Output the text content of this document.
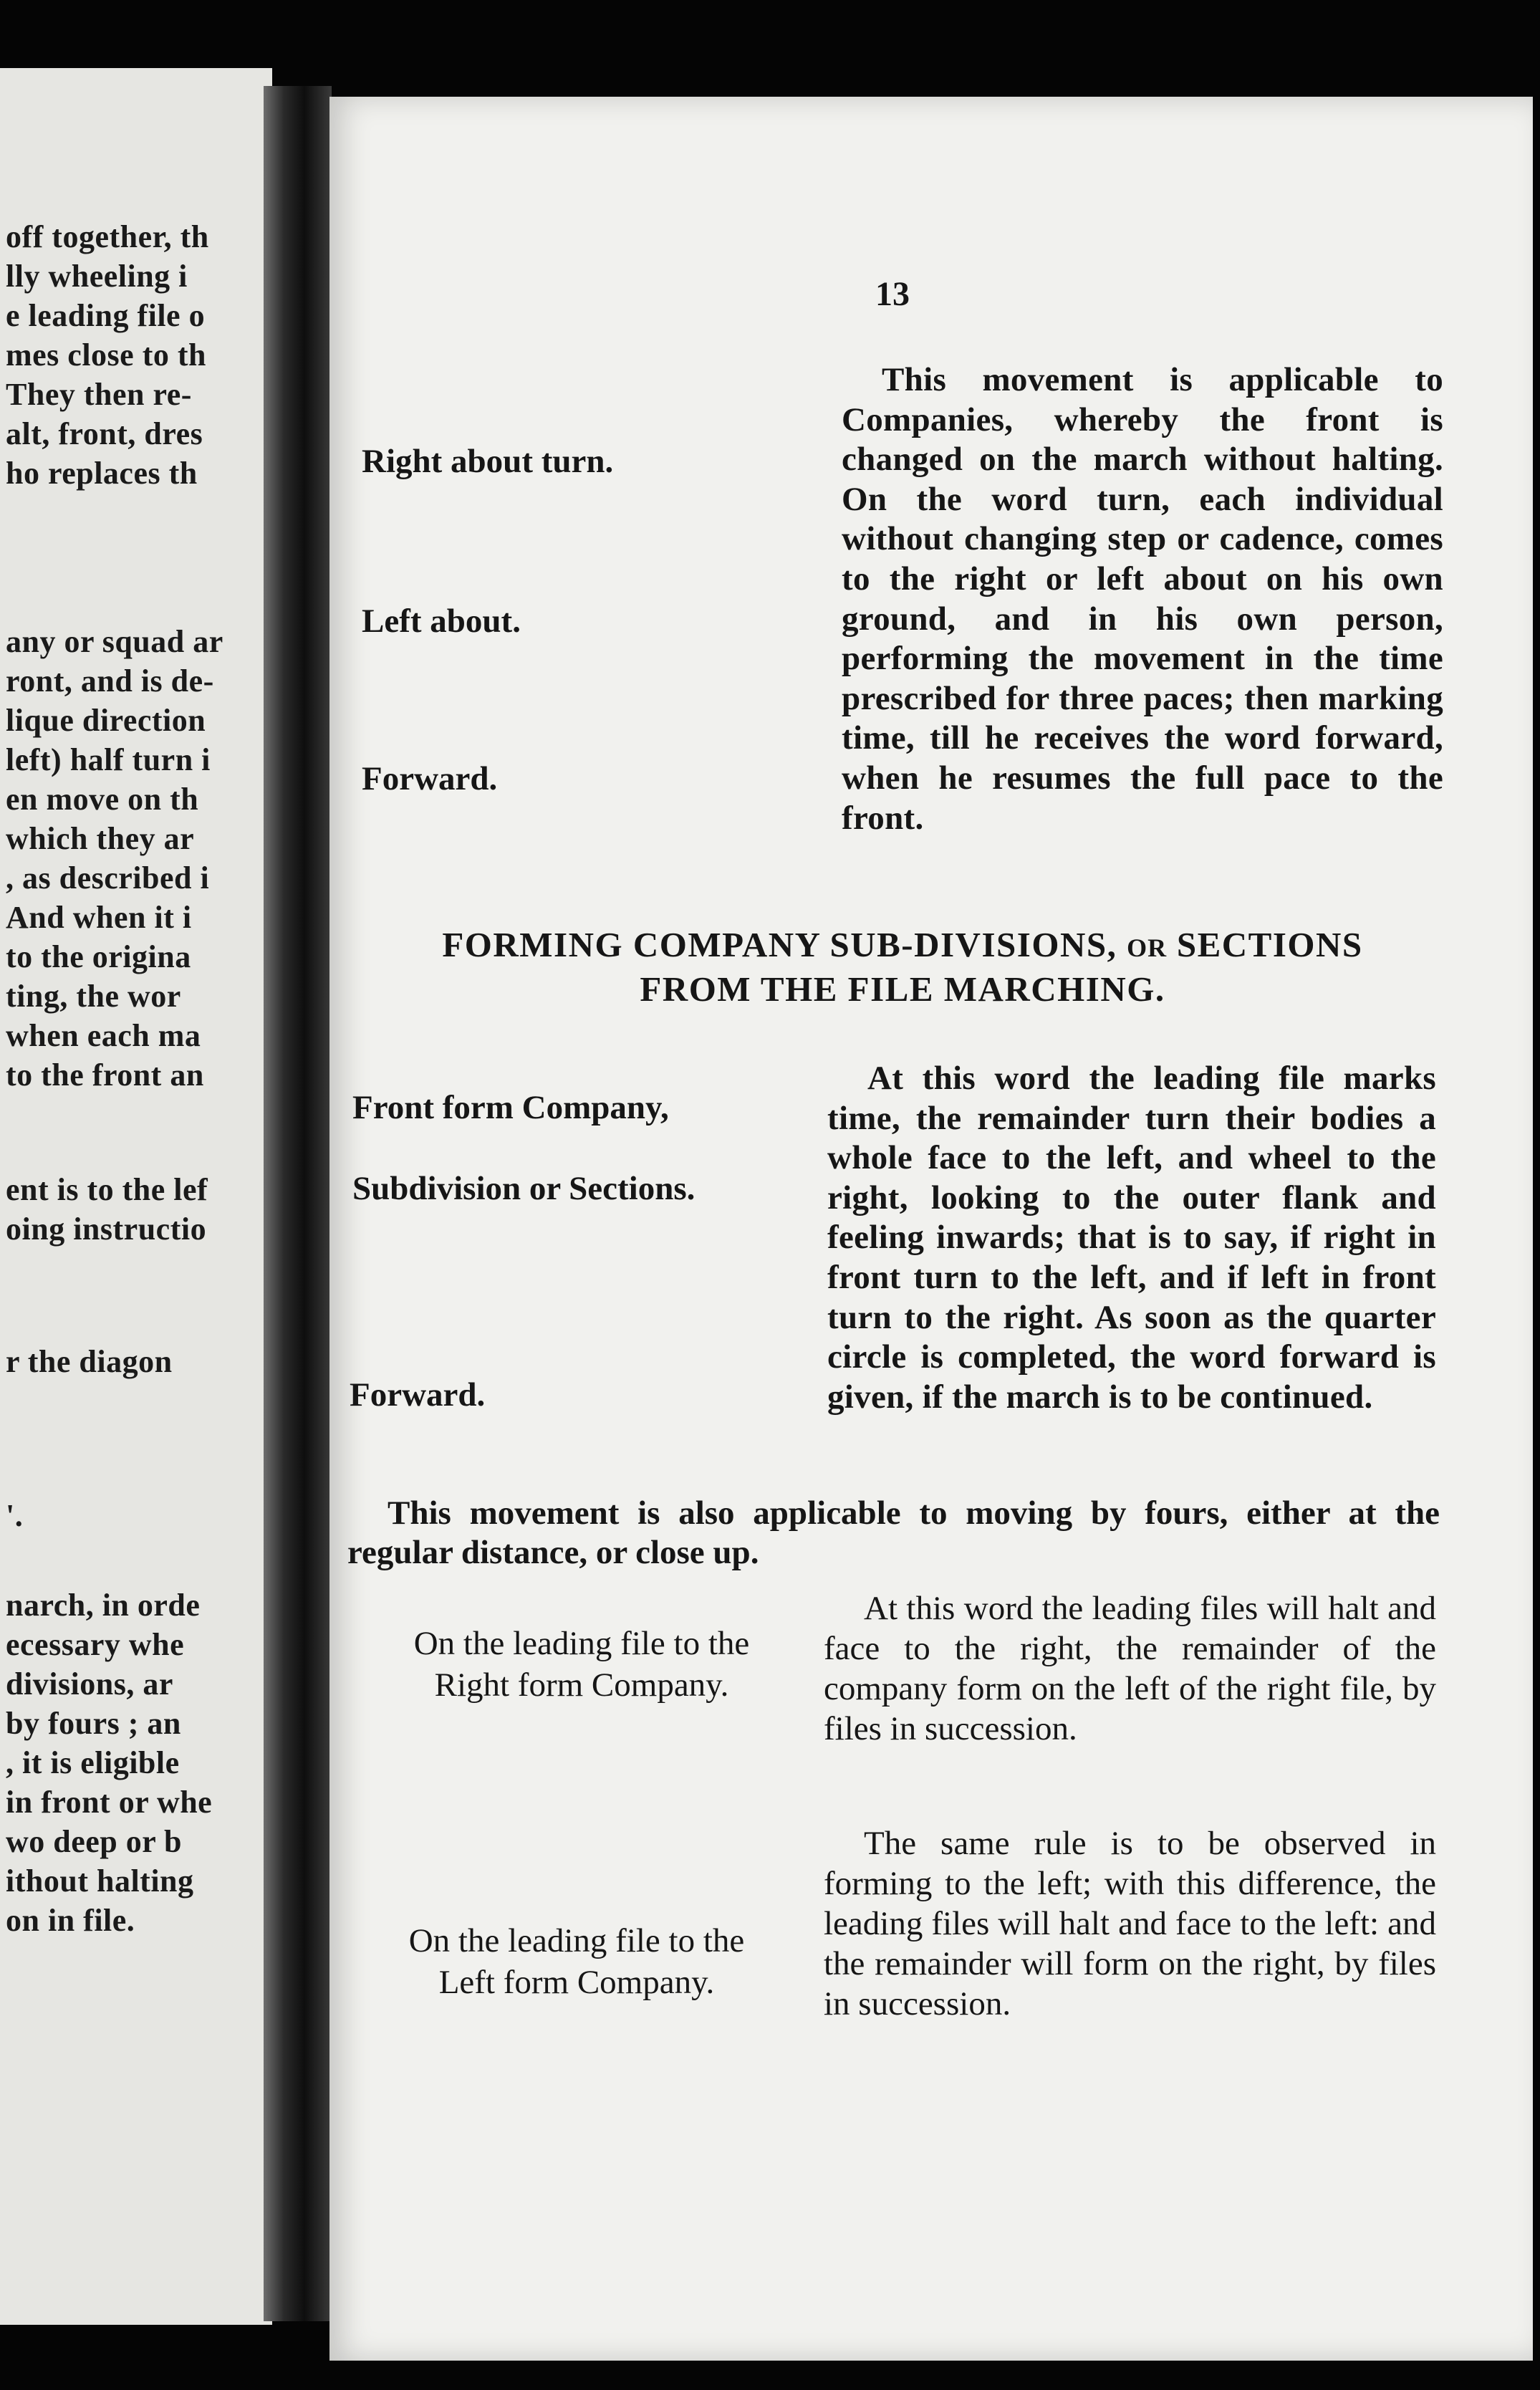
off together, th
lly wheeling i
e leading file o
mes close to th
They then re-
alt, front, dres
ho replaces th
any or squad ar
ront, and is de-
lique direction
left) half turn i
en move on th
which they ar
, as described i
And when it i
to the origina
ting, the wor
when each ma
to the front an
ent is to the lef
oing instructio
r the diagon
'.
narch, in orde
ecessary whe
divisions, ar
by fours ; an
, it is eligible
in front or whe
wo deep or b
ithout halting
on in file.
13
Right about turn.
Left about.
Forward.
This movement is applicable to Companies, whereby the front is changed on the march without halting. On the word turn, each individual without changing step or cadence, comes to the right or left about on his own ground, and in his own person, performing the movement in the time prescribed for three paces; then marking time, till he receives the word forward, when he resumes the full pace to the front.
FORMING COMPANY SUB-DIVISIONS, OR SECTIONS
FROM THE FILE MARCHING.
Front form Company,
Subdivision or Sections.
Forward.
At this word the leading file marks time, the remainder turn their bodies a whole face to the left, and wheel to the right, looking to the outer flank and feeling inwards; that is to say, if right in front turn to the left, and if left in front turn to the right. As soon as the quarter circle is completed, the word forward is given, if the march is to be continued.
This movement is also applicable to moving by fours, either at the regular distance, or close up.
On the leading file to the
Right form Company.
At this word the leading files will halt and face to the right, the remainder of the company form on the left of the right file, by files in succession.
On the leading file to the
Left form Company.
The same rule is to be observed in forming to the left; with this difference, the leading files will halt and face to the left: and the remainder will form on the right, by files in succession.
